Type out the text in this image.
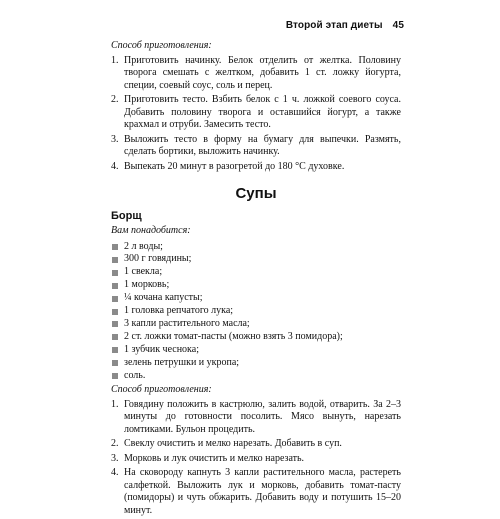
Второй этап диеты 45

Способ приготовления:

1. Приготовить начинку. Белок отделить от желтка. Половину творога смешать с желтком, добавить 1 ст. ложку йогурта, специи, соевый соус, соль и перец.
2. Приготовить тесто. Взбить белок с 1 ч. ложкой соевого соуса. Добавить половину творога и оставшийся йогурт, а также крахмал и отруби. Замесить тесто.
3. Выложить тесто в форму на бумагу для выпечки. Размять, сделать бортики, выложить начинку.
4. Выпекать 20 минут в разогретой до 180 °С духовке.
Супы
Борщ

Вам понадобится:

2 л воды;
300 г говядины;
1 свекла;
1 морковь;
¼ кочана капусты;
1 головка репчатого лука;
3 капли растительного масла;
2 ст. ложки томат-пасты (можно взять 3 помидора);
1 зубчик чеснока;
зелень петрушки и укропа;
соль.

Способ приготовления:

1. Говядину положить в кастрюлю, залить водой, отварить. За 2–3 минуты до готовности посолить. Мясо вынуть, нарезать ломтиками. Бульон процедить.
2. Свеклу очистить и мелко нарезать. Добавить в суп.
3. Морковь и лук очистить и мелко нарезать.
4. На сковороду капнуть 3 капли растительного масла, растереть салфеткой. Выложить лук и морковь, добавить томат-пасту (помидоры) и чуть обжарить. Добавить воду и потушить 15–20 минут.
